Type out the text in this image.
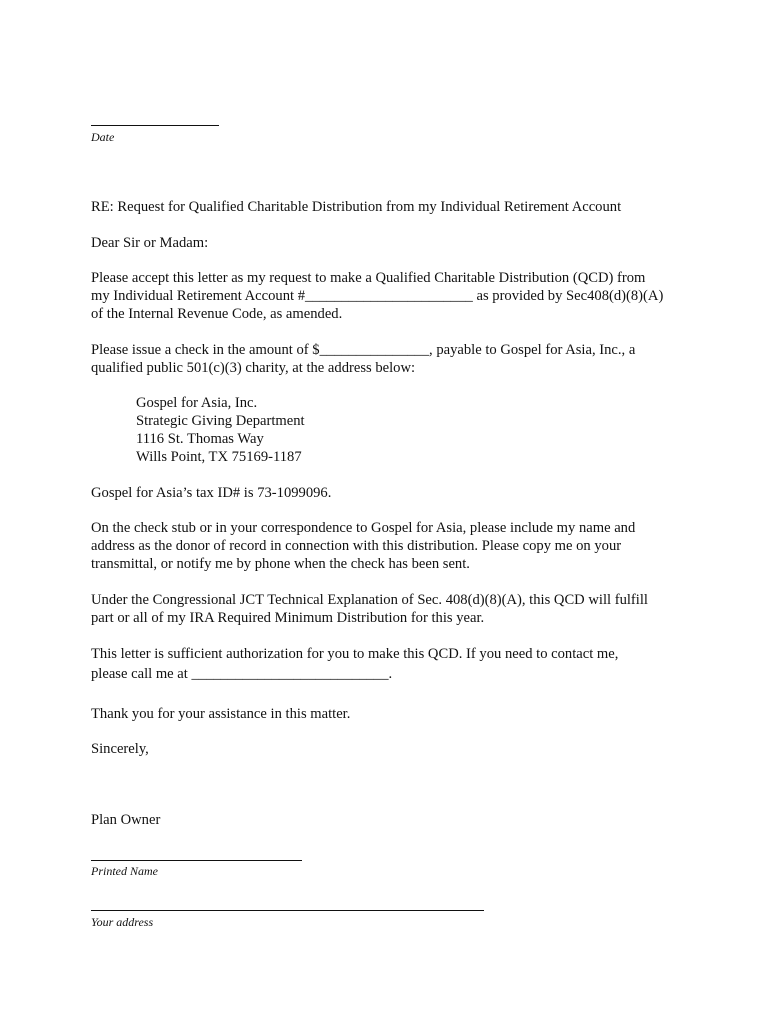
Date
RE: Request for Qualified Charitable Distribution from my Individual Retirement Account
Dear Sir or Madam:
Please accept this letter as my request to make a Qualified Charitable Distribution (QCD) from
my Individual Retirement Account #_______________________ as provided by Sec408(d)(8)(A)
of the Internal Revenue Code, as amended.
Please issue a check in the amount of $_______________, payable to Gospel for Asia, Inc., a
qualified public 501(c)(3) charity, at the address below:
Gospel for Asia, Inc.
Strategic Giving Department
1116 St. Thomas Way
Wills Point, TX 75169-1187
Gospel for Asia’s tax ID# is 73-1099096.
On the check stub or in your correspondence to Gospel for Asia, please include my name and
address as the donor of record in connection with this distribution. Please copy me on your
transmittal, or notify me by phone when the check has been sent.
Under the Congressional JCT Technical Explanation of Sec. 408(d)(8)(A), this QCD will fulfill
part or all of my IRA Required Minimum Distribution for this year.
This letter is sufficient authorization for you to make this QCD. If you need to contact me,
please call me at ___________________________.
Thank you for your assistance in this matter.
Sincerely,
Plan Owner
Printed Name
Your address
